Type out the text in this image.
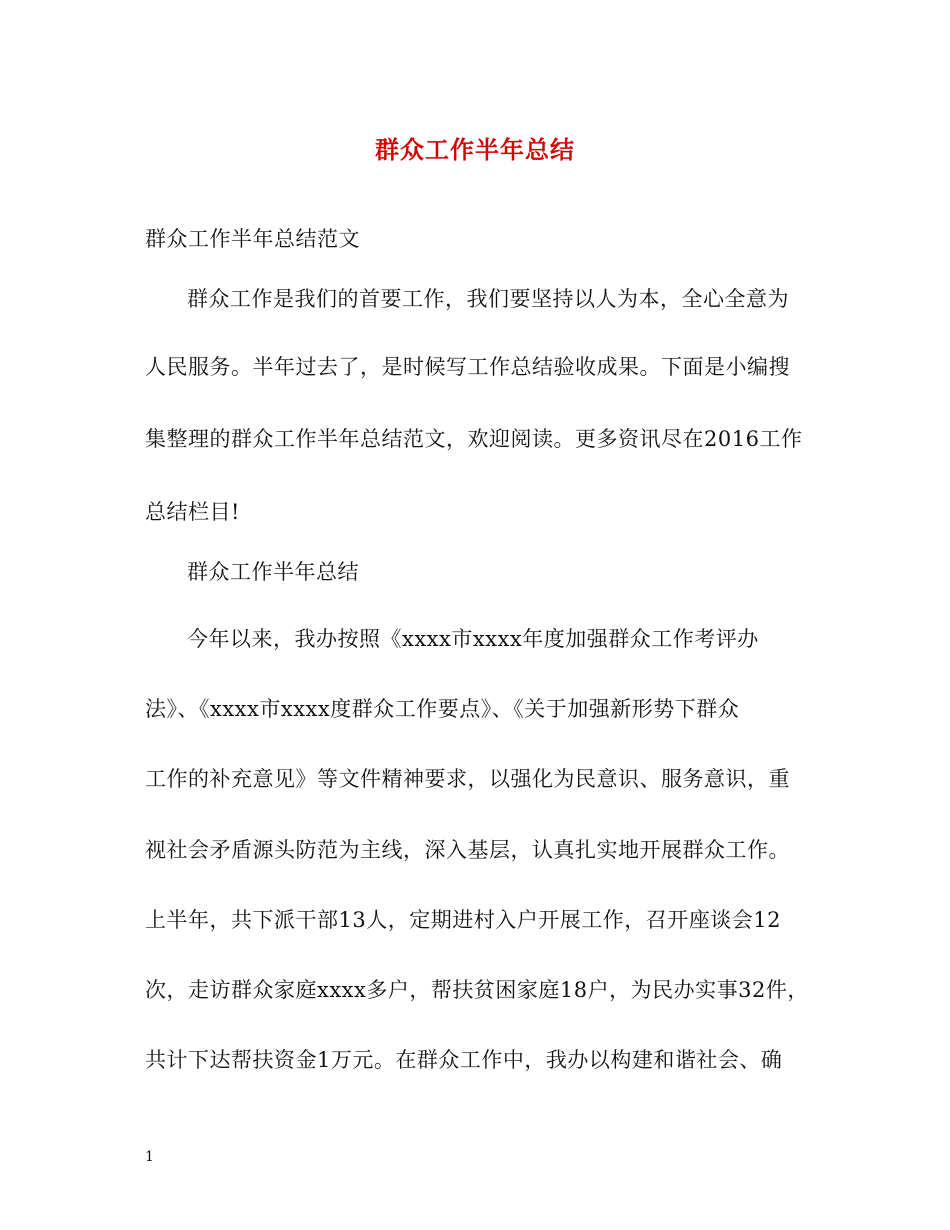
群众工作半年总结
群众工作半年总结范文
群众工作是我们的首要工作，我们要坚持以人为本，全心全意为
人民服务。半年过去了，是时候写工作总结验收成果。下面是小编搜
集整理的群众工作半年总结范文，欢迎阅读。更多资讯尽在2016工作
总结栏目!
群众工作半年总结
今年以来，我办按照《xxxx市xxxx年度加强群众工作考评办
法》、《xxxx市xxxx度群众工作要点》、《关于加强新形势下群众
工作的补充意见》等文件精神要求，以强化为民意识、服务意识，重
视社会矛盾源头防范为主线，深入基层，认真扎实地开展群众工作。
上半年，共下派干部13人，定期进村入户开展工作，召开座谈会12
次，走访群众家庭xxxx多户，帮扶贫困家庭18户，为民办实事32件，
共计下达帮扶资金1万元。在群众工作中，我办以构建和谐社会、确
1
